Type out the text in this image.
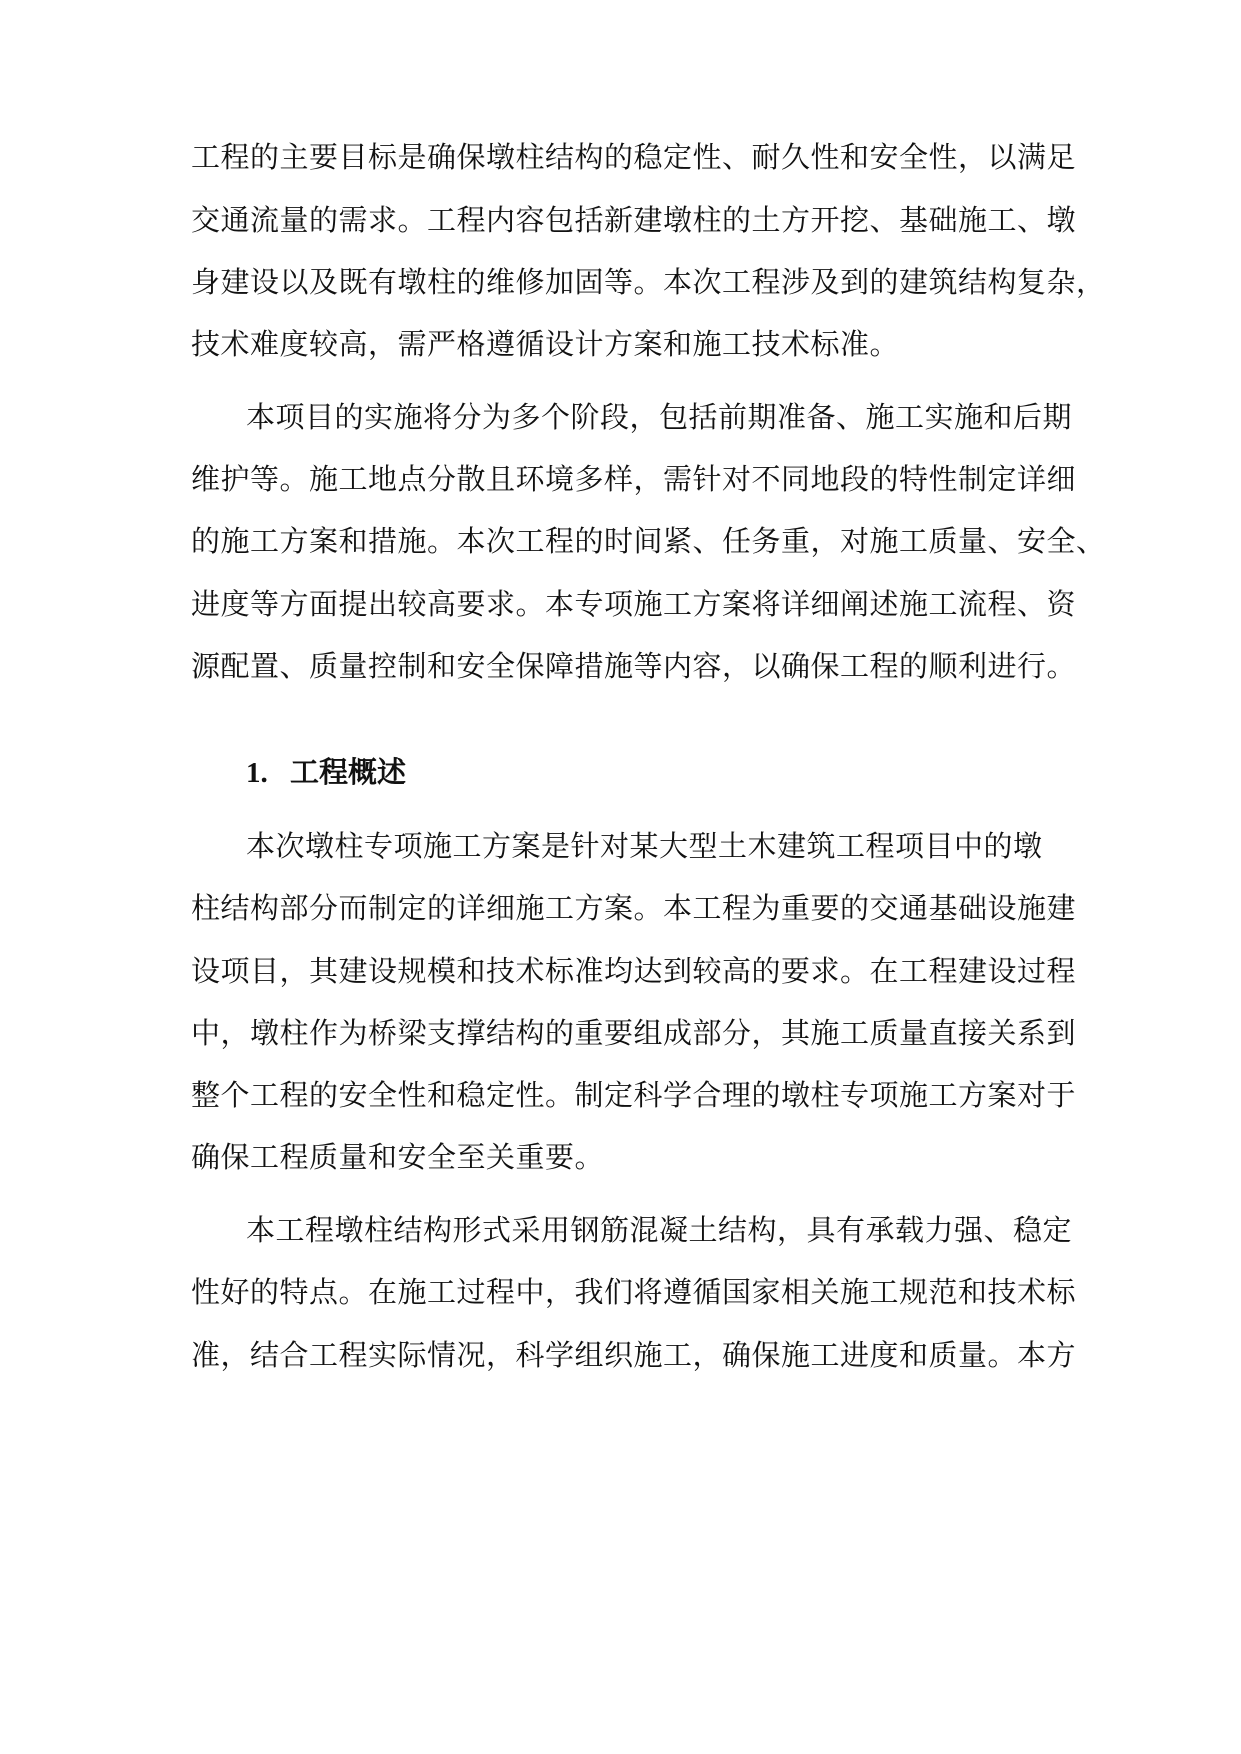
工程的主要目标是确保墩柱结构的稳定性、耐久性和安全性，以满足
交通流量的需求。工程内容包括新建墩柱的土方开挖、基础施工、墩
身建设以及既有墩柱的维修加固等。本次工程涉及到的建筑结构复杂，
技术难度较高，需严格遵循设计方案和施工技术标准。
本项目的实施将分为多个阶段，包括前期准备、施工实施和后期
维护等。施工地点分散且环境多样，需针对不同地段的特性制定详细
的施工方案和措施。本次工程的时间紧、任务重，对施工质量、安全、
进度等方面提出较高要求。本专项施工方案将详细阐述施工流程、资
源配置、质量控制和安全保障措施等内容，以确保工程的顺利进行。
1. 工程概述
本次墩柱专项施工方案是针对某大型土木建筑工程项目中的墩
柱结构部分而制定的详细施工方案。本工程为重要的交通基础设施建
设项目，其建设规模和技术标准均达到较高的要求。在工程建设过程
中，墩柱作为桥梁支撑结构的重要组成部分，其施工质量直接关系到
整个工程的安全性和稳定性。制定科学合理的墩柱专项施工方案对于
确保工程质量和安全至关重要。
本工程墩柱结构形式采用钢筋混凝土结构，具有承载力强、稳定
性好的特点。在施工过程中，我们将遵循国家相关施工规范和技术标
准，结合工程实际情况，科学组织施工，确保施工进度和质量。本方
